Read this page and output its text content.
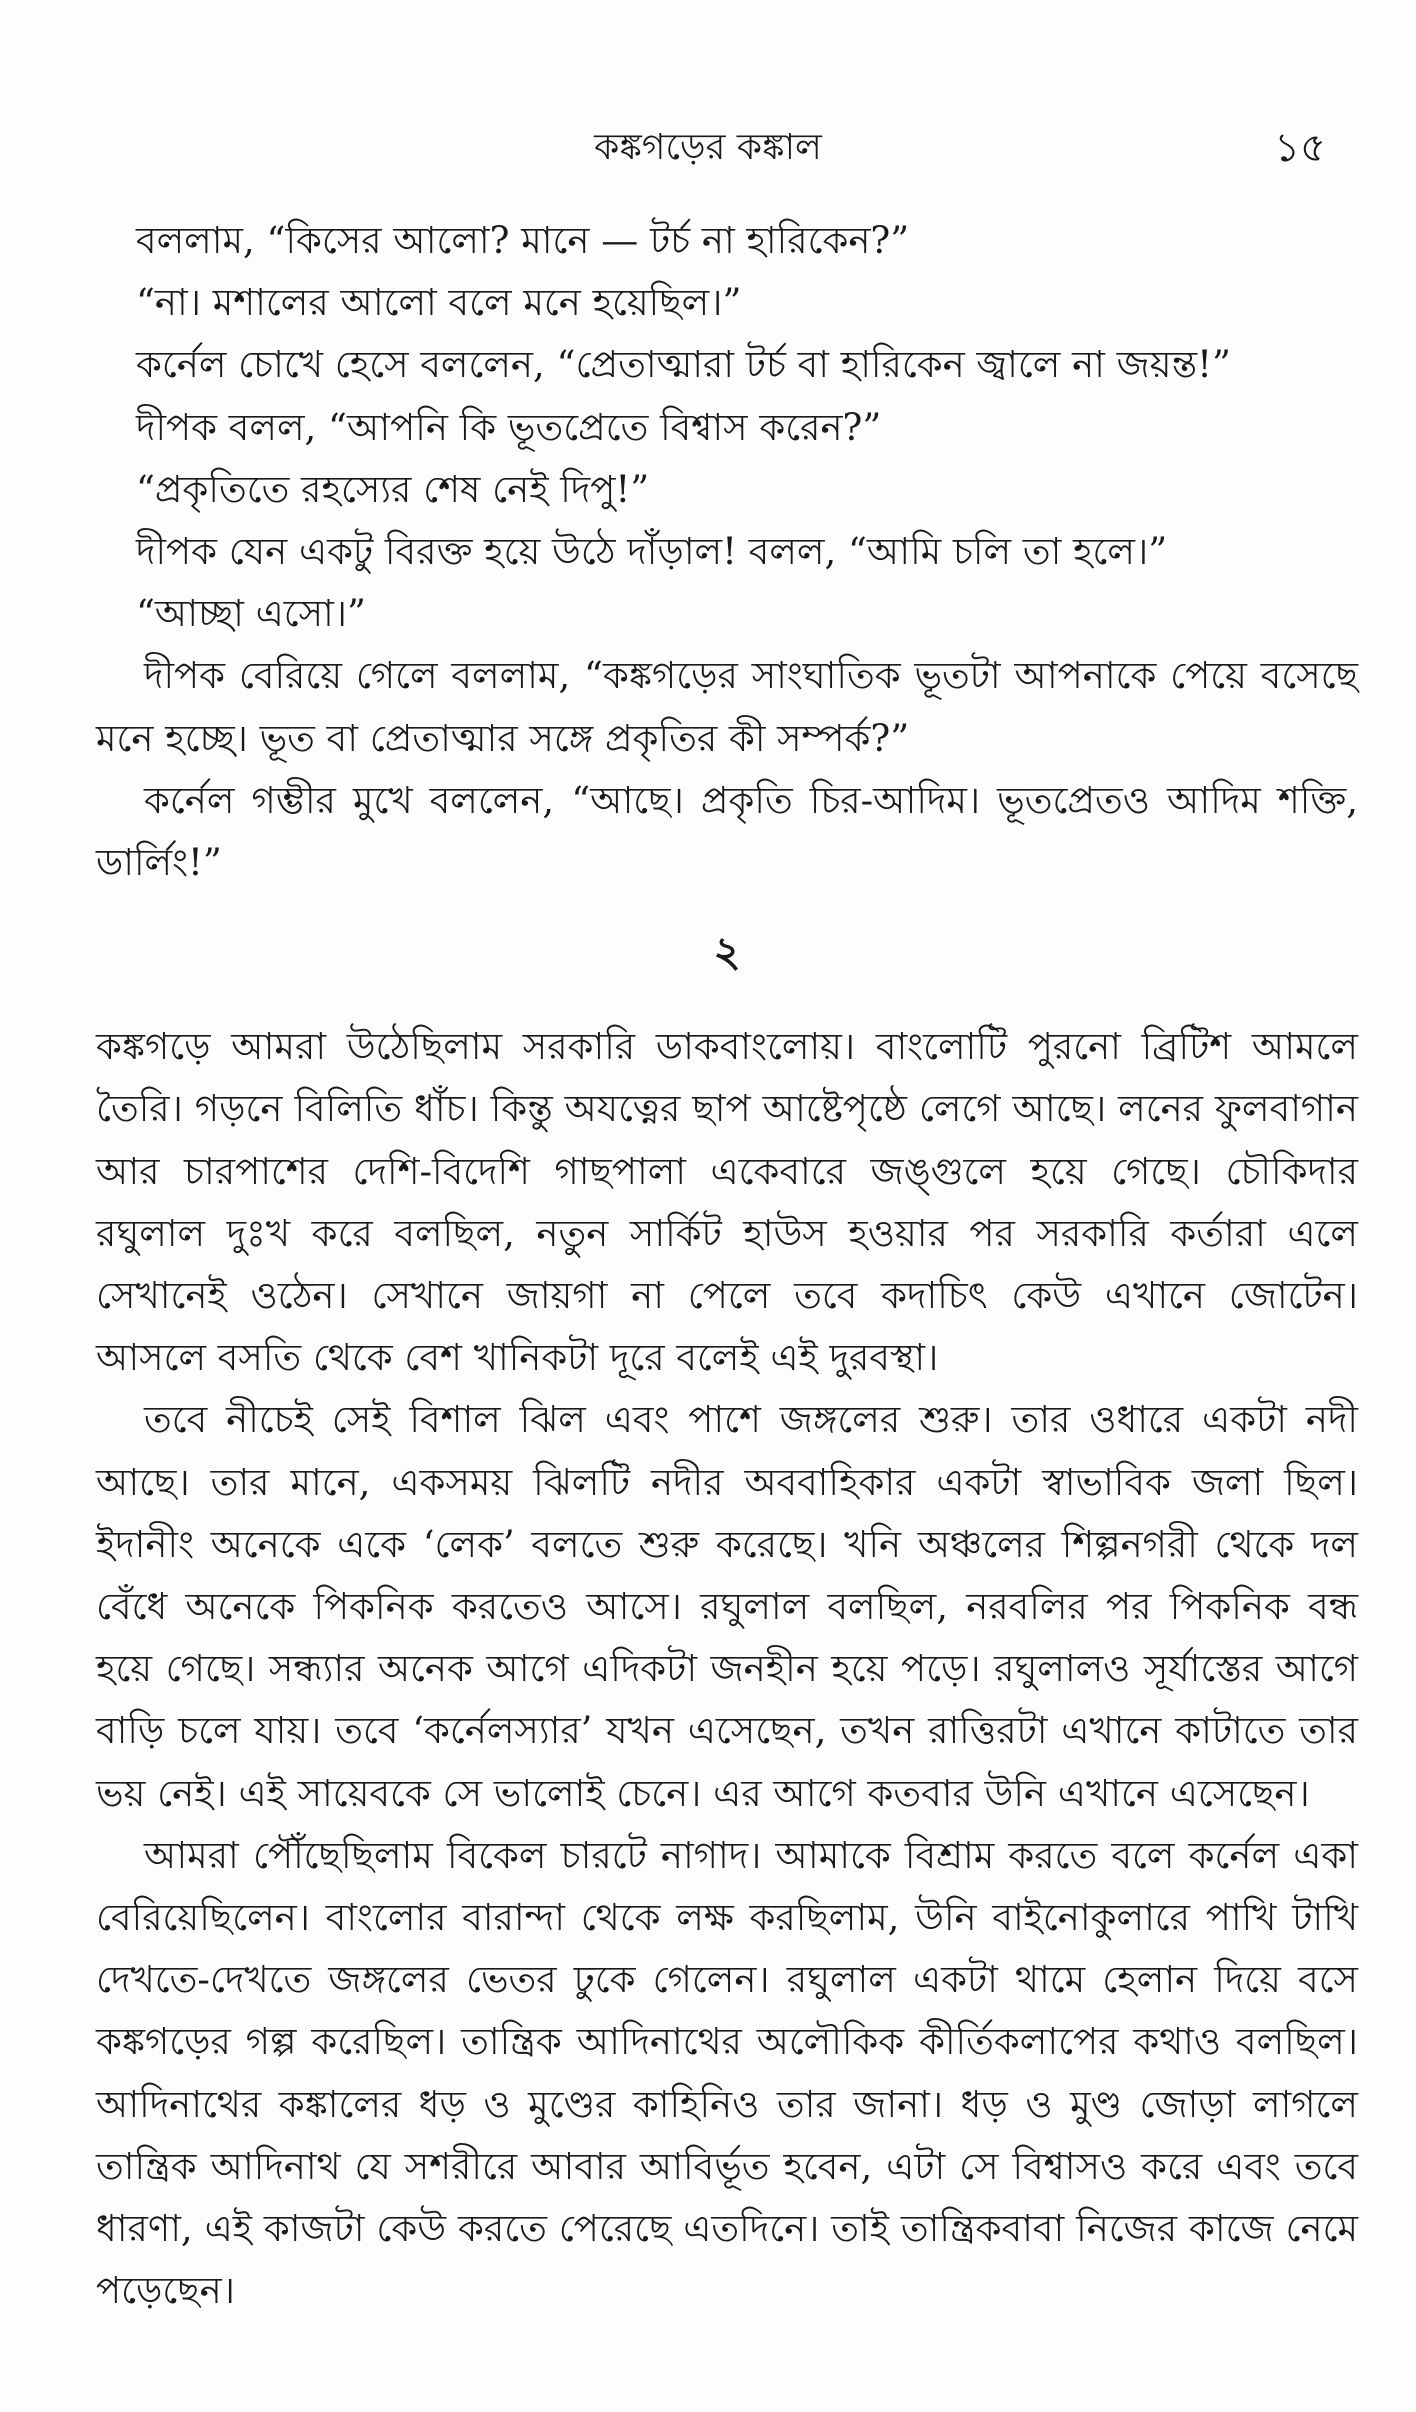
কঙ্কগড়ের কঙ্কাল	১৫

বললাম, “কিসের আলো? মানে — টর্চ না হারিকেন?”

“না। মশালের আলো বলে মনে হয়েছিল।”

কর্নেল চোখে হেসে বললেন, “প্রেতাত্মারা টর্চ বা হারিকেন জ্বালে না জয়ন্ত!”

দীপক বলল, “আপনি কি ভূতপ্রেতে বিশ্বাস করেন?”

“প্রকৃতিতে রহস্যের শেষ নেই দিপু!”

দীপক যেন একটু বিরক্ত হয়ে উঠে দাঁড়াল! বলল, “আমি চলি তা হলে।”

“আচ্ছা এসো।”

দীপক বেরিয়ে গেলে বললাম, “কঙ্কগড়ের সাংঘাতিক ভূতটা আপনাকে পেয়ে বসেছে মনে হচ্ছে। ভূত বা প্রেতাত্মার সঙ্গে প্রকৃতির কী সম্পর্ক?”

কর্নেল গম্ভীর মুখে বললেন, “আছে। প্রকৃতি চির-আদিম। ভূতপ্রেতও আদিম শক্তি, ডার্লিং!”

২

কঙ্কগড়ে আমরা উঠেছিলাম সরকারি ডাকবাংলোয়। বাংলোটি পুরনো ব্রিটিশ আমলে তৈরি। গড়নে বিলিতি ধাঁচ। কিন্তু অযত্নের ছাপ আষ্টেপৃষ্ঠে লেগে আছে। লনের ফুলবাগান আর চারপাশের দেশি-বিদেশি গাছপালা একেবারে জঙ্গুলে হয়ে গেছে। চৌকিদার রঘুলাল দুঃখ করে বলছিল, নতুন সার্কিট হাউস হওয়ার পর সরকারি কর্তারা এলে সেখানেই ওঠেন। সেখানে জায়গা না পেলে তবে কদাচিৎ কেউ এখানে জোটেন। আসলে বসতি থেকে বেশ খানিকটা দূরে বলেই এই দুরবস্থা।

তবে নীচেই সেই বিশাল ঝিল এবং পাশে জঙ্গলের শুরু। তার ওধারে একটা নদী আছে। তার মানে, একসময় ঝিলটি নদীর অববাহিকার একটা স্বাভাবিক জলা ছিল। ইদানীং অনেকে একে ‘লেক’ বলতে শুরু করেছে। খনি অঞ্চলের শিল্পনগরী থেকে দল বেঁধে অনেকে পিকনিক করতেও আসে। রঘুলাল বলছিল, নরবলির পর পিকনিক বন্ধ হয়ে গেছে। সন্ধ্যার অনেক আগে এদিকটা জনহীন হয়ে পড়ে। রঘুলালও সূর্যাস্তের আগে বাড়ি চলে যায়। তবে ‘কর্নেলস্যার’ যখন এসেছেন, তখন রাত্তিরটা এখানে কাটাতে তার ভয় নেই। এই সায়েবকে সে ভালোই চেনে। এর আগে কতবার উনি এখানে এসেছেন।

আমরা পৌঁছেছিলাম বিকেল চারটে নাগাদ। আমাকে বিশ্রাম করতে বলে কর্নেল একা বেরিয়েছিলেন। বাংলোর বারান্দা থেকে লক্ষ করছিলাম, উনি বাইনোকুলারে পাখি টাখি দেখতে-দেখতে জঙ্গলের ভেতর ঢুকে গেলেন। রঘুলাল একটা থামে হেলান দিয়ে বসে কঙ্কগড়ের গল্প করেছিল। তান্ত্রিক আদিনাথের অলৌকিক কীর্তিকলাপের কথাও বলছিল। আদিনাথের কঙ্কালের ধড় ও মুণ্ডের কাহিনিও তার জানা। ধড় ও মুণ্ড জোড়া লাগলে তান্ত্রিক আদিনাথ যে সশরীরে আবার আবির্ভূত হবেন, এটা সে বিশ্বাসও করে এবং তবে ধারণা, এই কাজটা কেউ করতে পেরেছে এতদিনে। তাই তান্ত্রিকবাবা নিজের কাজে নেমে পড়েছেন।
